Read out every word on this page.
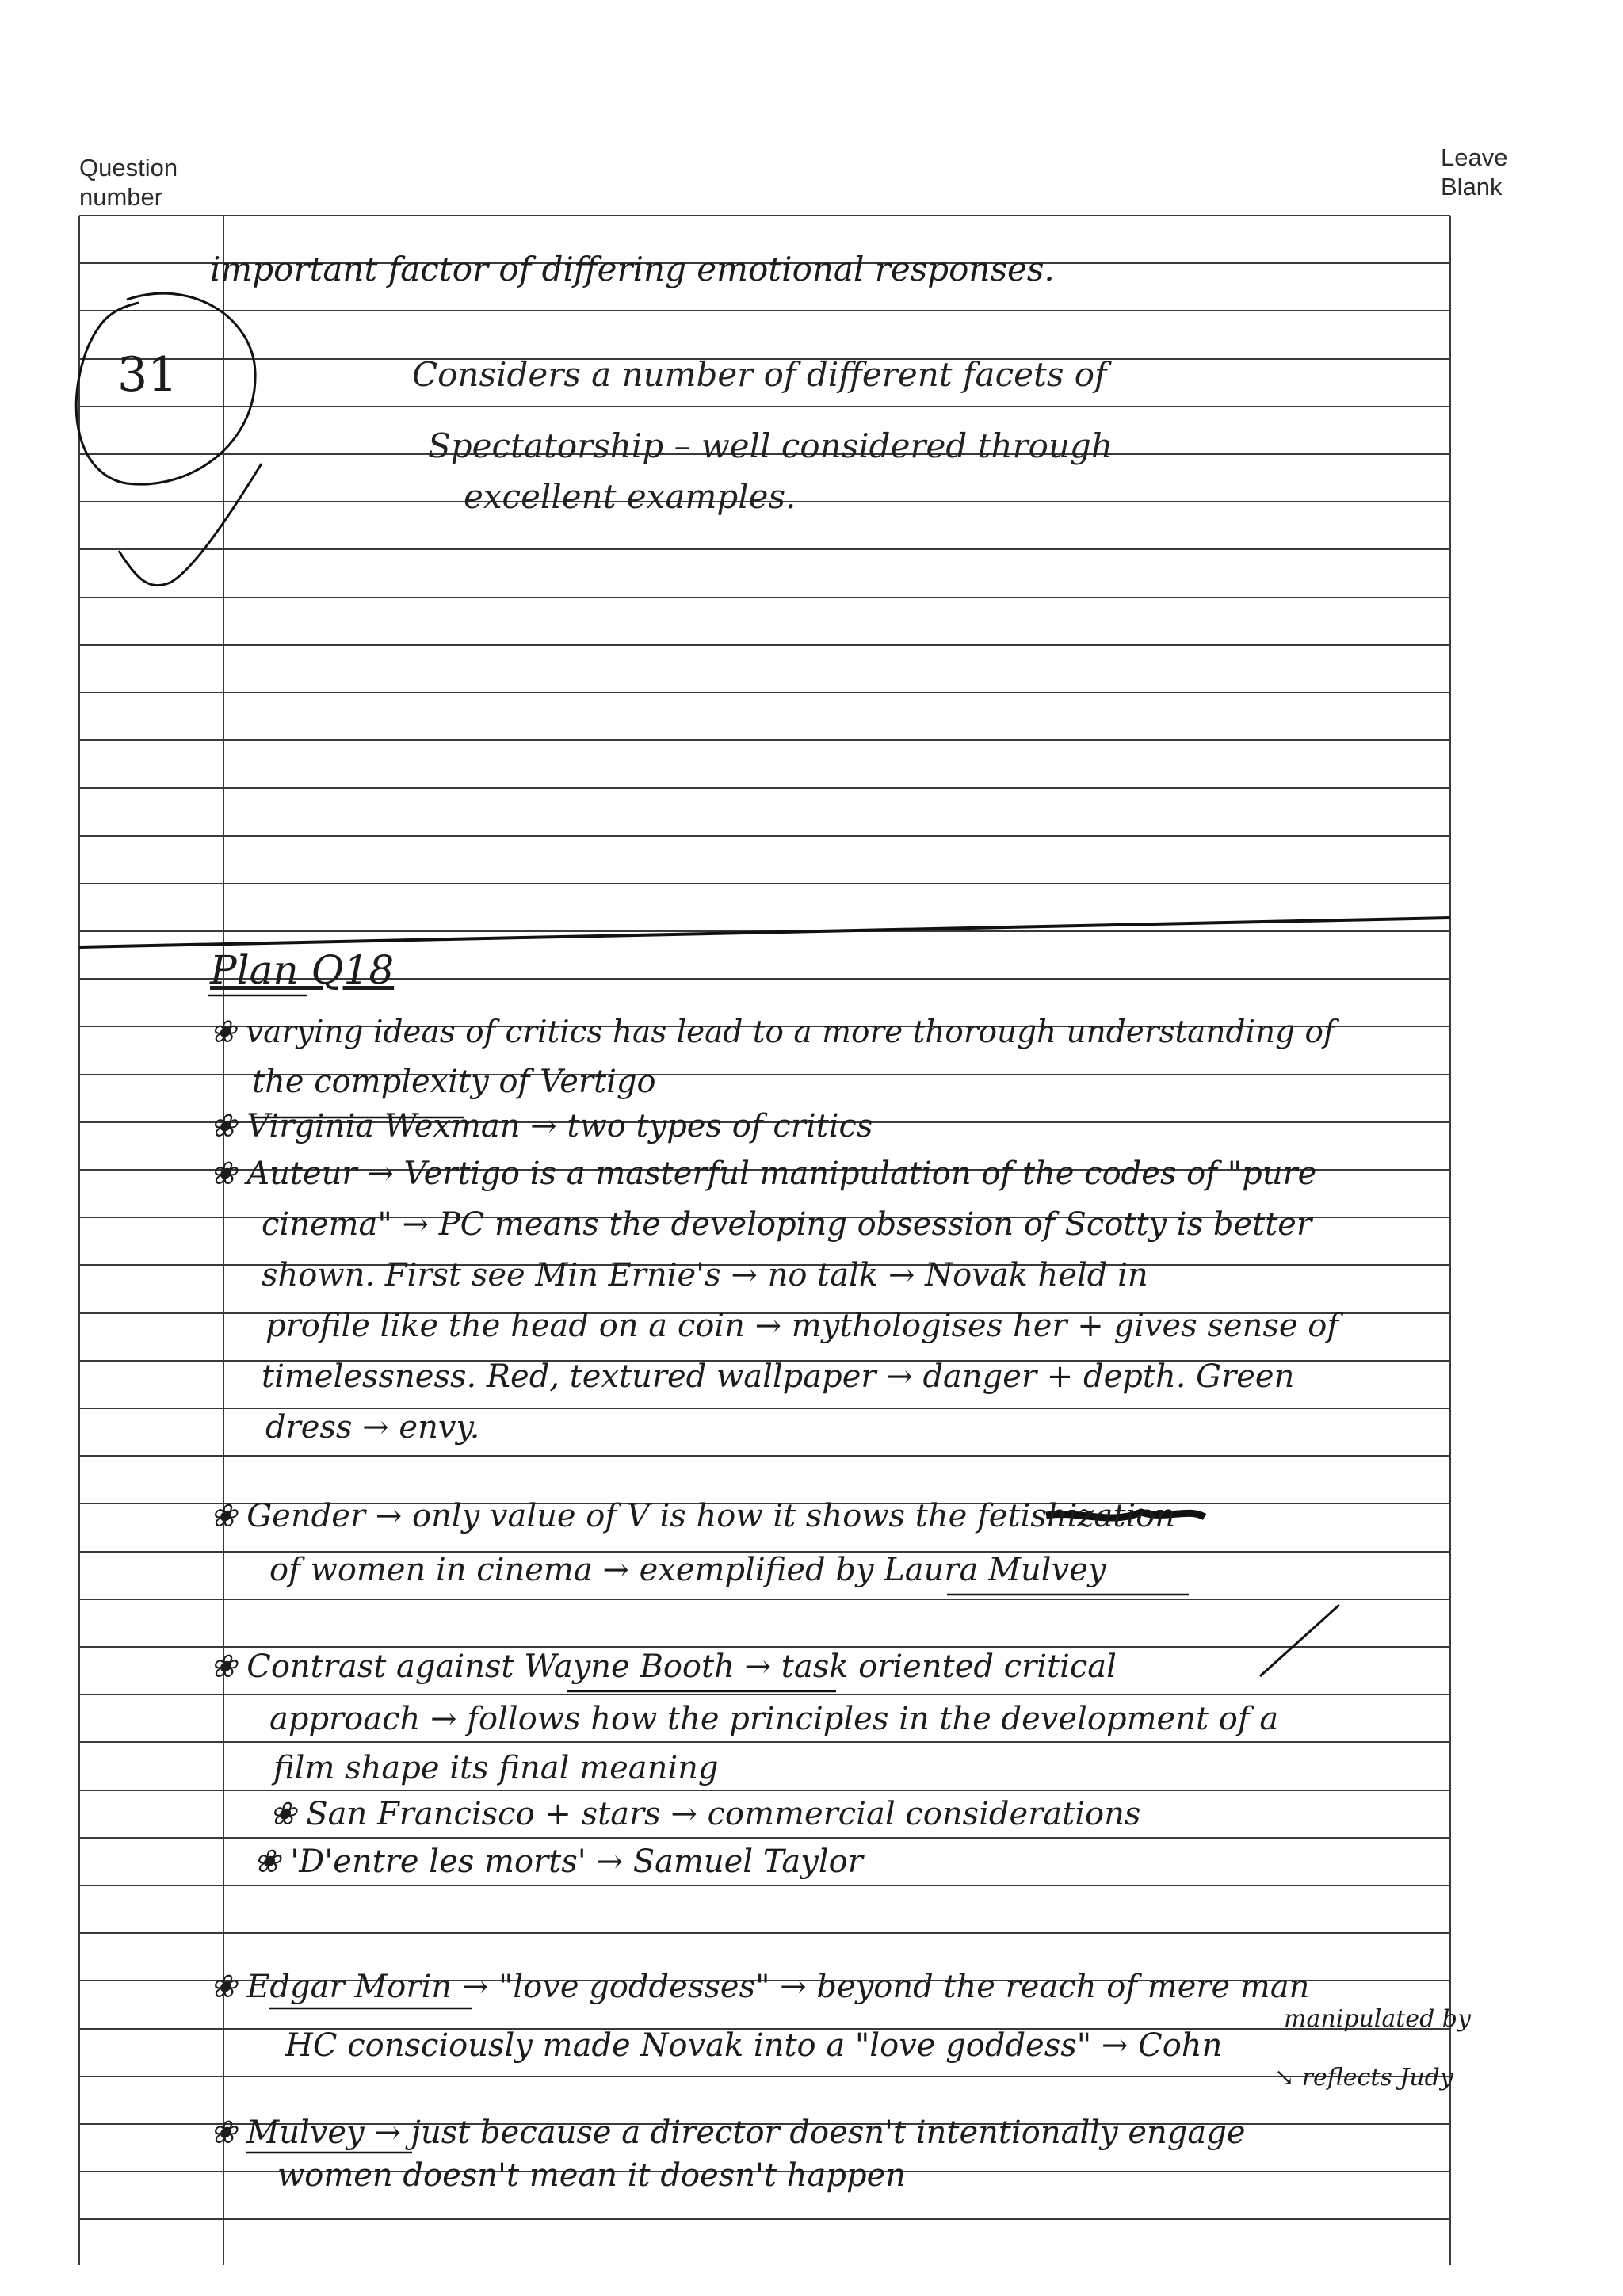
Question
number
Leave
Blank
important factor of differing emotional responses.
31	Considers a number of different facets of
Spectatorship – well considered through
excellent examples.
Plan Q18
❀ varying ideas of critics has lead to a more thorough understanding of
the complexity of Vertigo
❀ Virginia Wexman → two types of critics
❀ Auteur → Vertigo is a masterful manipulation of the codes of "pure
cinema" → PC means the developing obsession of Scotty is better
shown. First see Min Ernie's → no talk → Novak held in
profile like the head on a coin → mythologises her + gives sense of
timelessness. Red, textured wallpaper → danger + depth. Green
dress → envy.
❀ Gender → only value of V is how it shows the fetishization
of women in cinema → exemplified by Laura Mulvey
❀ Contrast against Wayne Booth → task oriented critical
approach → follows how the principles in the development of a
film shape its final meaning
❀ San Francisco + stars → commercial considerations
❀ 'D'entre les morts' → Samuel Taylor
❀ Edgar Morin → "love goddesses" → beyond the reach of mere man
manipulated by
HC consciously made Novak into a "love goddess" → Cohn
↘ reflects Judy
❀ Mulvey → just because a director doesn't intentionally engage
women doesn't mean it doesn't happen
